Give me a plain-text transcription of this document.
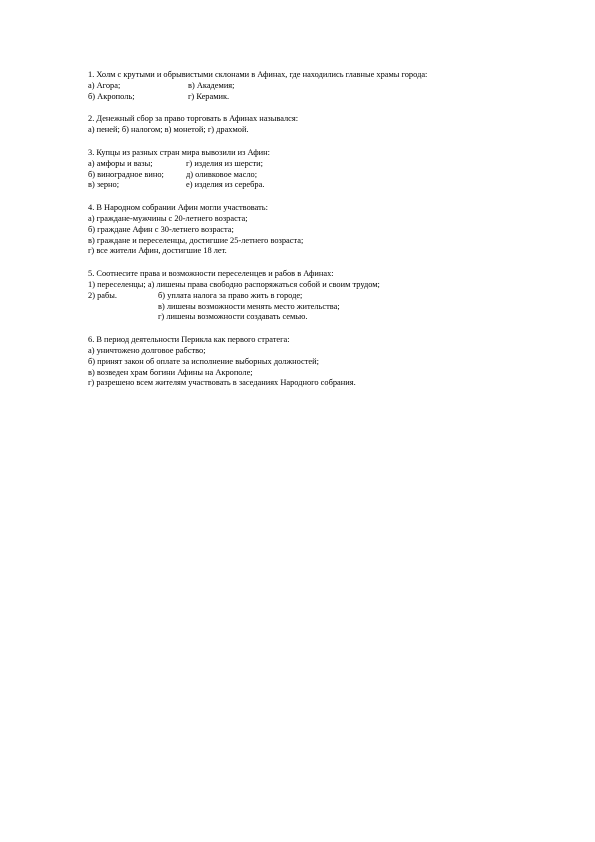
1. Холм с крутыми и обрывистыми склонами в Афинах, где находились главные храмы города:
а) Агора;	в) Академия;
б) Акрополь;	г) Керамик.
2. Денежный сбор за право торговать в Афинах назывался:
а) пеней; б) налогом; в) монетой; г) драхмой.
3. Купцы из разных стран мира вывозили из Афин:
а) амфоры и вазы;	г) изделия из шерсти;
б) виноградное вино;	д) оливковое масло;
в) зерно;	е) изделия из серебра.
4. В Народном собрании Афин могли участвовать:
а) граждане-мужчины с 20-летнего возраста;
б) граждане Афин с 30-летнего возраста;
в) граждане и переселенцы, достигшие 25-летнего возраста;
г) все жители Афин, достигшие 18 лет.
5. Соотнесите права и возможности переселенцев и рабов в Афинах:
1) переселенцы; а) лишены права свободно распоряжаться собой и своим трудом;
2) рабы.	б) уплата налога за право жить в городе;
в) лишены возможности менять место жительства;
г) лишены возможности создавать семью.
6. В период деятельности Перикла как первого стратега:
а) уничтожено долговое рабство;
б) принят закон об оплате за исполнение выборных должностей;
в) возведен храм богини Афины на Акрополе;
г) разрешено всем жителям участвовать в заседаниях Народного собрания.
